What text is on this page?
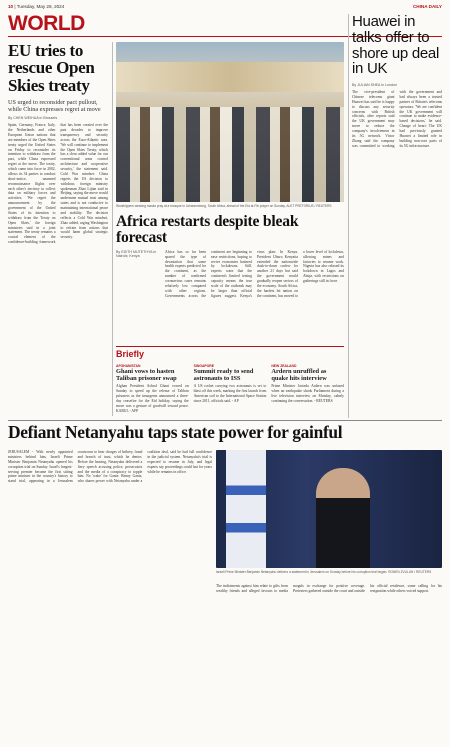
10 | Tuesday, May 28, 2024	CHINA DAILY
WORLD
EU tries to rescue Open Skies treaty
US urged to reconsider pact pullout, while China expresses regret at move
By CHEN WEIHUA in Brussels
Spain, Germany, France, Italy, the Netherlands and other European Union nations that are members of the Open Skies treaty urged the United States on Friday to reconsider its intention to withdraw from the pact, while China expressed regret at the move. The treaty, which came into force in 2002, allows its 34 parties to conduct short-notice, unarmed reconnaissance flights over each other's territory to collect data on military forces and activities. 'We regret the announcement by the government of the United States of its intention to withdraw from the Treaty on Open Skies,' the foreign ministries said in a joint statement. The treaty remains a crucial element of the confidence-building framework that has been created over the past decades to improve transparency and security across the Euro-Atlantic area. 'We will continue to implement the Open Skies Treaty, which has a clear added value for our conventional arms control architecture and cooperative security,' the statement said. Cold War mindset: China regrets the US decision to withdraw, foreign ministry spokesman Zhao Lijian said in Beijing, saying the move would undermine mutual trust among states and is not conducive to maintaining international peace and stability. The decision reflects a Cold War mindset, Zhao added, urging Washington to refrain from actions that would harm global strategic security.
Worshippers wearing masks pray at a mosque in Johannesburg, South Africa, ahead of the Eid al-Fitr prayer on Sunday. ALET PRETORIUS / REUTERS
Africa restarts despite bleak forecast
By EDITH MUTETHYA in Nairobi, Kenya
Africa has so far been spared the type of devastation that some health experts predicted for the continent, as the number of confirmed coronavirus cases remains relatively low compared with other regions. Governments across the continent are beginning to ease restrictions, hoping to revive economies battered by lockdowns. Still, experts warn that the continent's limited testing capacity means the true scale of the outbreak may be larger than official figures suggest. Kenya's virus plan: In Kenya, President Uhuru Kenyatta extended the nationwide dusk-to-dawn curfew for another 21 days but said the government would gradually reopen sectors of the economy. South Africa, the hardest hit nation on the continent, has moved to a lower level of lockdown, allowing mines and factories to resume work. Nigeria has also relaxed its lockdown in Lagos and Abuja, with restrictions on gatherings still in force.
Briefly
AFGHANISTAN
Ghani vows to hasten Taliban prisoner swap
Afghan President Ashraf Ghani vowed on Sunday to speed up the release of Taliban prisoners as the insurgents announced a three-day ceasefire for the Eid holiday, saying the move was a gesture of goodwill toward peace. KABUL - AFP
SINGAPORE
Summit ready to send astronauts to ISS
A US rocket carrying two astronauts is set to blast off this week, marking the first launch from American soil to the International Space Station since 2011, officials said. - AP
NEW ZEALAND
Ardern unruffled as quake hits interview
Prime Minister Jacinda Ardern was unfazed when an earthquake shook Parliament during a live television interview on Monday, calmly continuing the conversation. - REUTERS
Huawei in talks offer to shore up deal in UK
By JULIAN SHEA in London
The vice-president of Chinese telecoms giant Huawei has said he is happy to discuss any security concerns with British officials, after reports said the UK government may move to reduce the company's involvement in its 5G network. Victor Zhang said the company was committed to working with the government and had always been a trusted partner of Britain's telecoms operators. 'We are confident the UK government will continue to make evidence-based decisions,' he said. Change of heart: The UK had previously granted Huawei a limited role in building non-core parts of its 5G infrastructure.
Defiant Netanyahu taps state power for gainful
JERUSALEM - With newly appointed ministers behind him, Israeli Prime Minister Benjamin Netanyahu opened his corruption trial on Sunday. Israel's longest-serving premier became the first sitting prime minister in the country's history to stand trial, appearing in a Jerusalem courtroom to hear charges of bribery, fraud and breach of trust, which he denies. Before the hearing, Netanyahu delivered a fiery speech accusing police, prosecutors and the media of a conspiracy to topple him. No 'wake' for Gantz: Benny Gantz, who shares power with Netanyahu under a coalition deal, said he had full confidence in the judicial system. Netanyahu's trial is expected to resume in July, and legal experts say proceedings could last for years while he remains in office.
Israeli Prime Minister Benjamin Netanyahu delivers a statement in Jerusalem on Sunday before his corruption trial began. RONEN ZVULUN / REUTERS
The indictments against him relate to gifts from wealthy friends and alleged favours to media moguls in exchange for positive coverage. Protesters gathered outside the court and outside his official residence, some calling for his resignation while others voiced support.
